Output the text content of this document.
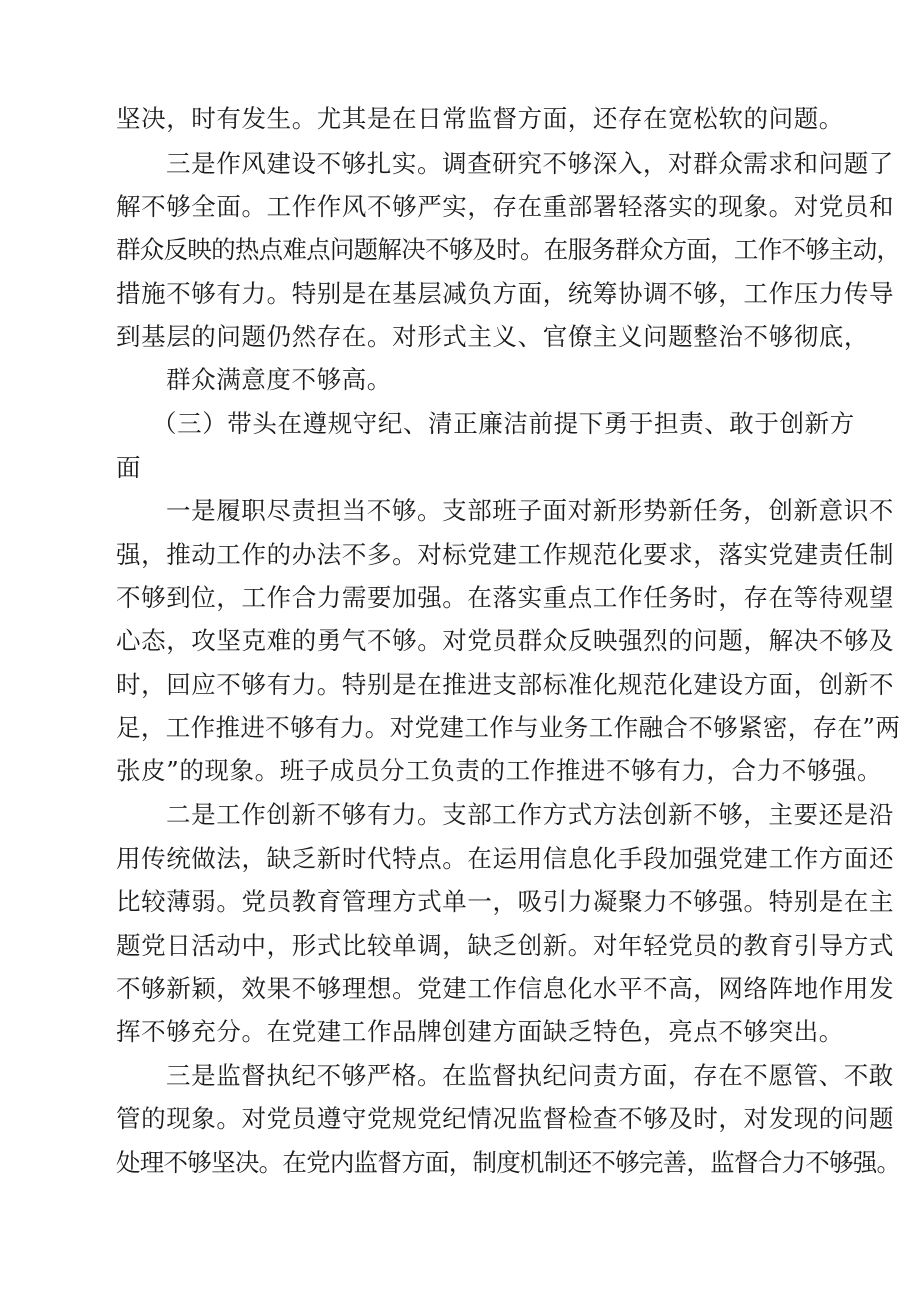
坚决，时有发生。尤其是在日常监督方面，还存在宽松软的问题。
三是作风建设不够扎实。调查研究不够深入，对群众需求和问题了
解不够全面。工作作风不够严实，存在重部署轻落实的现象。对党员和
群众反映的热点难点问题解决不够及时。在服务群众方面，工作不够主动，
措施不够有力。特别是在基层减负方面，统筹协调不够，工作压力传导
到基层的问题仍然存在。对形式主义、官僚主义问题整治不够彻底，
群众满意度不够高。
（三）带头在遵规守纪、清正廉洁前提下勇于担责、敢于创新方
面
一是履职尽责担当不够。支部班子面对新形势新任务，创新意识不
强，推动工作的办法不多。对标党建工作规范化要求，落实党建责任制
不够到位，工作合力需要加强。在落实重点工作任务时，存在等待观望
心态，攻坚克难的勇气不够。对党员群众反映强烈的问题，解决不够及
时，回应不够有力。特别是在推进支部标准化规范化建设方面，创新不
足，工作推进不够有力。对党建工作与业务工作融合不够紧密，存在”两
张皮”的现象。班子成员分工负责的工作推进不够有力，合力不够强。
二是工作创新不够有力。支部工作方式方法创新不够，主要还是沿
用传统做法，缺乏新时代特点。在运用信息化手段加强党建工作方面还
比较薄弱。党员教育管理方式单一，吸引力凝聚力不够强。特别是在主
题党日活动中，形式比较单调，缺乏创新。对年轻党员的教育引导方式
不够新颖，效果不够理想。党建工作信息化水平不高，网络阵地作用发
挥不够充分。在党建工作品牌创建方面缺乏特色，亮点不够突出。
三是监督执纪不够严格。在监督执纪问责方面，存在不愿管、不敢
管的现象。对党员遵守党规党纪情况监督检查不够及时，对发现的问题
处理不够坚决。在党内监督方面，制度机制还不够完善，监督合力不够强。
